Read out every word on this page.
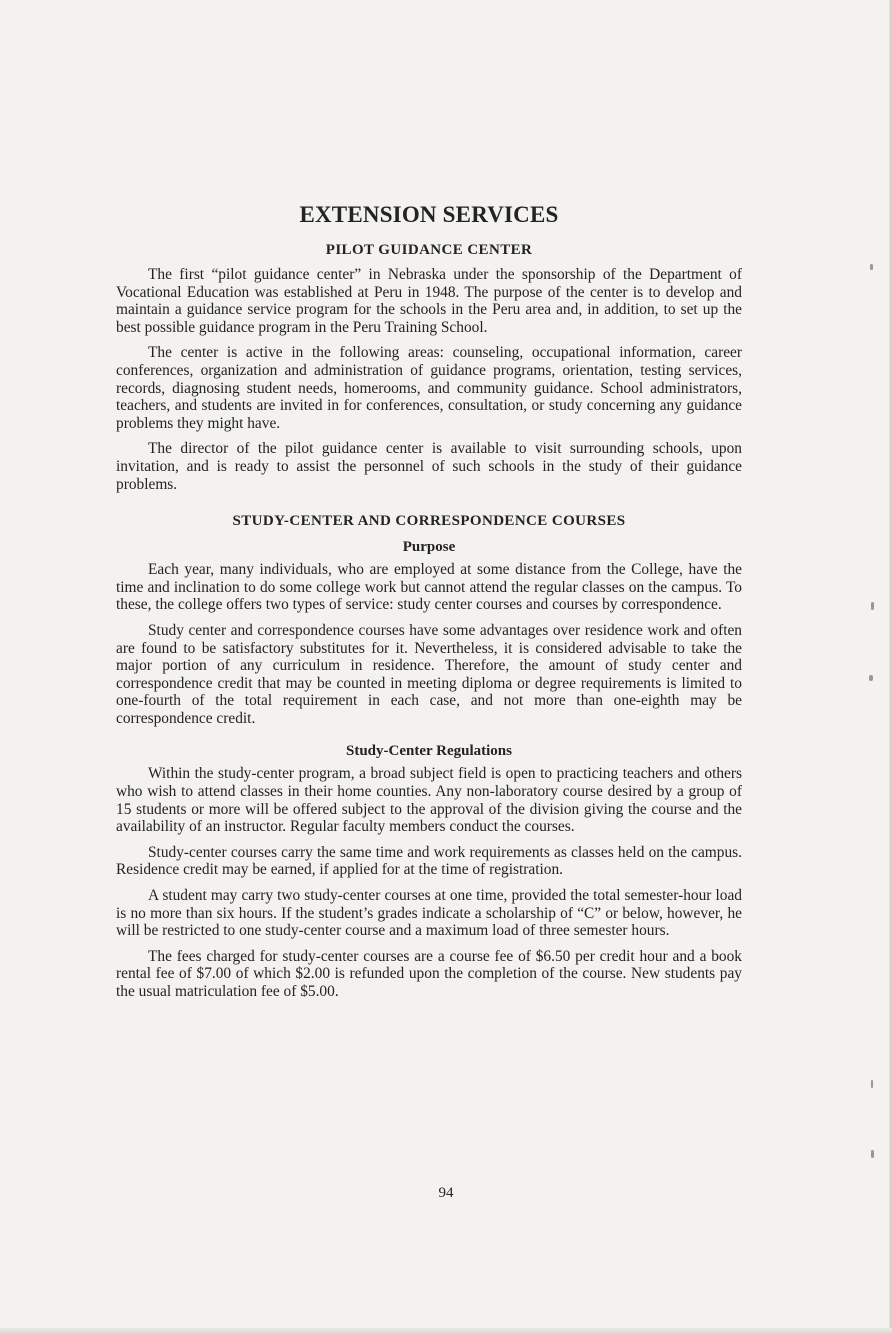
EXTENSION SERVICES
PILOT GUIDANCE CENTER

The first “pilot guidance center” in Nebraska under the sponsorship of the Department of Vocational Education was established at Peru in 1948. The purpose of the center is to develop and maintain a guidance service program for the schools in the Peru area and, in addition, to set up the best possible guidance program in the Peru Training School.

The center is active in the following areas: counseling, occupational information, career conferences, organization and administration of guidance programs, orientation, testing services, records, diagnosing student needs, homerooms, and community guidance. School administrators, teachers, and students are invited in for conferences, consultation, or study concerning any guidance problems they might have.

The director of the pilot guidance center is available to visit surrounding schools, upon invitation, and is ready to assist the personnel of such schools in the study of their guidance problems.

STUDY-CENTER AND CORRESPONDENCE COURSES
Purpose

Each year, many individuals, who are employed at some distance from the College, have the time and inclination to do some college work but cannot attend the regular classes on the campus. To these, the college offers two types of service: study center courses and courses by correspondence.

Study center and correspondence courses have some advantages over residence work and often are found to be satisfactory substitutes for it. Nevertheless, it is considered advisable to take the major portion of any curriculum in residence. Therefore, the amount of study center and correspondence credit that may be counted in meeting diploma or degree requirements is limited to one-fourth of the total requirement in each case, and not more than one-eighth may be correspondence credit.

Study-Center Regulations

Within the study-center program, a broad subject field is open to practicing teachers and others who wish to attend classes in their home counties. Any non-laboratory course desired by a group of 15 students or more will be offered subject to the approval of the division giving the course and the availability of an instructor. Regular faculty members conduct the courses.

Study-center courses carry the same time and work requirements as classes held on the campus. Residence credit may be earned, if applied for at the time of registration.

A student may carry two study-center courses at one time, provided the total semester-hour load is no more than six hours. If the student’s grades indicate a scholarship of “C” or below, however, he will be restricted to one study-center course and a maximum load of three semester hours.

The fees charged for study-center courses are a course fee of $6.50 per credit hour and a book rental fee of $7.00 of which $2.00 is refunded upon the completion of the course. New students pay the usual matriculation fee of $5.00.

94
